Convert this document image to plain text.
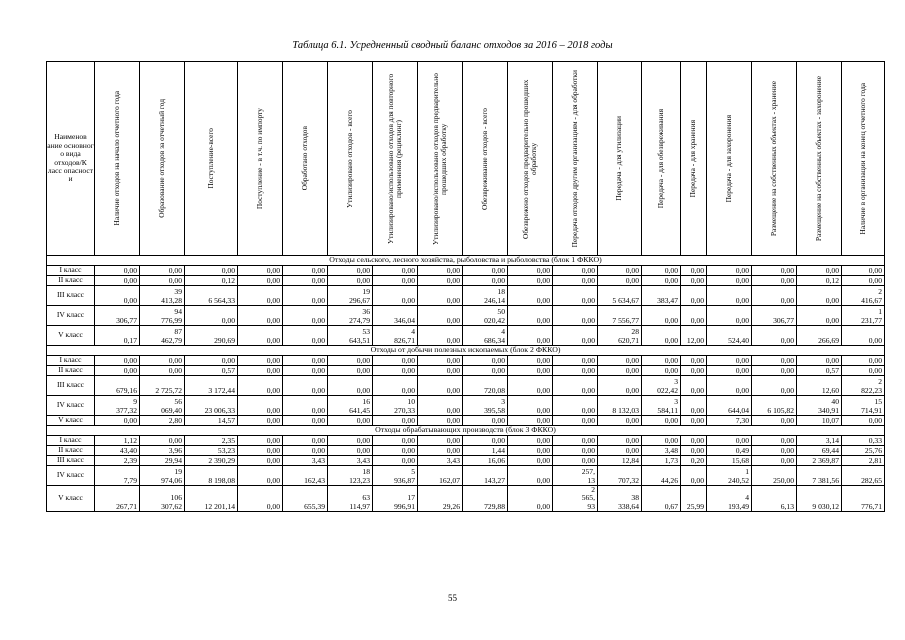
Таблица 6.1. Усредненный сводный баланс отходов за 2016 – 2018 годы
Наименов ание основног о вида отходов/К ласс опасност и	Наличие отходов на начало отчетного года	Образование отходов за отчетный год	Поступление-всего	Поступление - в т.ч. по импорту	Обработано отходов	Утилизировано отходов - всего	Утилизировано/использовано отходов для повторного применения (рециклинг)	Утилизировано/использовано отходов предварительно прошедших обработку	Обезвреживание отходов - всего	Обезврежено отходов предварительно прошедших обработку	Передача отходов другим организациям - для обработки	Передача - для утилизации	Передача - для обезвреживания	Передача - для хранения	Передача - для захоронения	Размещение на собственных объектах - хранение	Размещение на собственных объектах - захоронение	Наличие в организации на конец отчетного года

Отходы сельского, лесного хозяйства, рыболовства и рыболовства (блок 1 ФККО)																		
I класс	0,00	0,00	0,00	0,00	0,00	0,00	0,00	0,00	0,00	0,00	0,00	0,00	0,00	0,00	0,00	0,00	0,00	0,00
II класс	0,00	0,00	0,12	0,00	0,00	0,00	0,00	0,00	0,00	0,00	0,00	0,00	0,00	0,00	0,00	0,00	0,12	0,00
III класс	0,00	39
413,28	6 564,33	0,00	0,00	19
296,67	0,00	0,00	18
246,14	0,00	0,00	5 634,67	383,47	0,00	0,00	0,00	0,00	2
416,67
IV класс	306,77	94
776,99	0,00	0,00	0,00	36
274,79	346,04	0,00	50
020,42	0,00	0,00	7 556,77	0,00	0,00	0,00	306,77	0,00	1
231,77
V класс	0,17	87
462,79	290,69	0,00	0,00	53
643,51	4
826,71	0,00	4
686,34	0,00	0,00	28
620,71	0,00	12,00	524,40	0,00	266,69	0,00
Отходы от добычи полезных ископаемых (блок 2 ФККО)																		
I класс	0,00	0,00	0,00	0,00	0,00	0,00	0,00	0,00	0,00	0,00	0,00	0,00	0,00	0,00	0,00	0,00	0,00	0,00
II класс	0,00	0,00	0,57	0,00	0,00	0,00	0,00	0,00	0,00	0,00	0,00	0,00	0,00	0,00	0,00	0,00	0,57	0,00
III класс	679,16	2 725,72	3 172,44	0,00	0,00	0,00	0,00	0,00	720,08	0,00	0,00	0,00	3
022,42	0,00	0,00	0,00	12,60	2
822,23
IV класс	9
377,32	56
069,40	23 006,33	0,00	0,00	16
641,45	10
270,33	0,00	3
395,58	0,00	0,00	8 132,03	3
584,11	0,00	644,04	6 105,82	40
340,91	15
714,91
V класс	0,00	2,80	14,57	0,00	0,00	0,00	0,00	0,00	0,00	0,00	0,00	0,00	0,00	0,00	7,30	0,00	10,07	0,00
Отходы обрабатывающих производств (блок 3 ФККО)																		
I класс	1,12	0,00	2,35	0,00	0,00	0,00	0,00	0,00	0,00	0,00	0,00	0,00	0,00	0,00	0,00	0,00	3,14	0,33
II класс	43,40	3,96	53,23	0,00	0,00	0,00	0,00	0,00	1,44	0,00	0,00	0,00	3,48	0,00	0,49	0,00	69,44	25,76
III класс	2,39	29,94	2 390,29	0,00	3,43	3,43	0,00	3,43	16,06	0,00	0,00	12,84	1,73	0,20	15,68	0,00	2 369,87	2,81
IV класс	7,79	19
974,06	8 198,08	0,00	162,43	18
123,23	5
936,87	162,07	143,27	0,00	257,
13	707,32	44,26	0,00	1
240,52	250,00	7 381,56	282,65
V класс	267,71	106
307,62	12 201,14	0,00	655,39	63
114,97	17
996,91	29,26	729,88	0,00	2
565,
93	38
338,64	0,67	25,99	4
193,49	6,13	9 030,12	776,71
55
